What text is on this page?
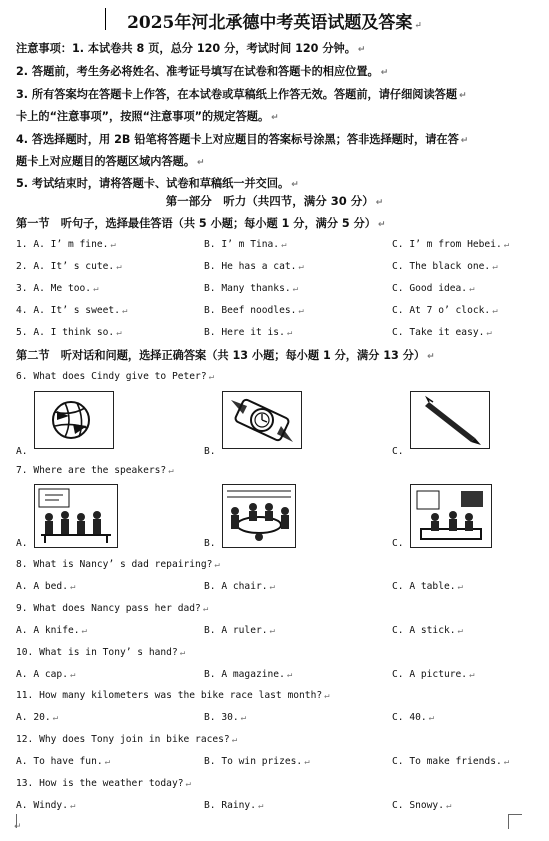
2025年河北承德中考英语试题及答案 ↵
注意事项：1. 本试卷共 8 页，总分 120 分，考试时间 120 分钟。 ↵
2. 答题前，考生务必将姓名、准考证号填写在试卷和答题卡的相应位置。 ↵
3. 所有答案均在答题卡上作答，在本试卷或草稿纸上作答无效。答题前，请仔细阅读答题 ↵
卡上的“注意事项”，按照“注意事项”的规定答题。 ↵
4. 答选择题时，用 2B 铅笔将答题卡上对应题目的答案标号涂黑；答非选择题时，请在答 ↵
题卡上对应题目的答题区域内答题。 ↵
5. 考试结束时，请将答题卡、试卷和草稿纸一并交回。 ↵
第一部分　听力（共四节，满分 30 分） ↵
第一节　听句子，选择最佳答语（共 5 小题；每小题 1 分，满分 5 分） ↵
1. A. I’ m fine. ↵	B. I’ m Tina. ↵	C. I’ m from Hebei. ↵
2. A. It’ s cute. ↵	B. He has a cat. ↵	C. The black one. ↵
3. A. Me too. ↵	B. Many thanks. ↵	C. Good idea. ↵
4. A. It’ s sweet. ↵	B. Beef noodles. ↵	C. At 7 o’ clock. ↵
5. A. I think so. ↵	B. Here it is. ↵	C. Take it easy. ↵
第二节　听对话和问题，选择正确答案（共 13 小题；每小题 1 分，满分 13 分） ↵
6. What does Cindy give to Peter? ↵
A.	B.	C.
7. Where are the speakers? ↵
A.	B.	C.
8. What is Nancy’ s dad repairing? ↵
A. A bed. ↵	B. A chair. ↵	C. A table. ↵
9. What does Nancy pass her dad? ↵
A. A knife. ↵	B. A ruler. ↵	C. A stick. ↵
10. What is in Tony’ s hand? ↵
A. A cap. ↵	B. A magazine. ↵	C. A picture. ↵
11. How many kilometers was the bike race last month? ↵
A. 20. ↵	B. 30. ↵	C. 40. ↵
12. Why does Tony join in bike races? ↵
A. To have fun. ↵	B. To win prizes. ↵	C. To make friends. ↵
13. How is the weather today? ↵
A. Windy. ↵	B. Rainy. ↵	C. Snowy. ↵
↵
